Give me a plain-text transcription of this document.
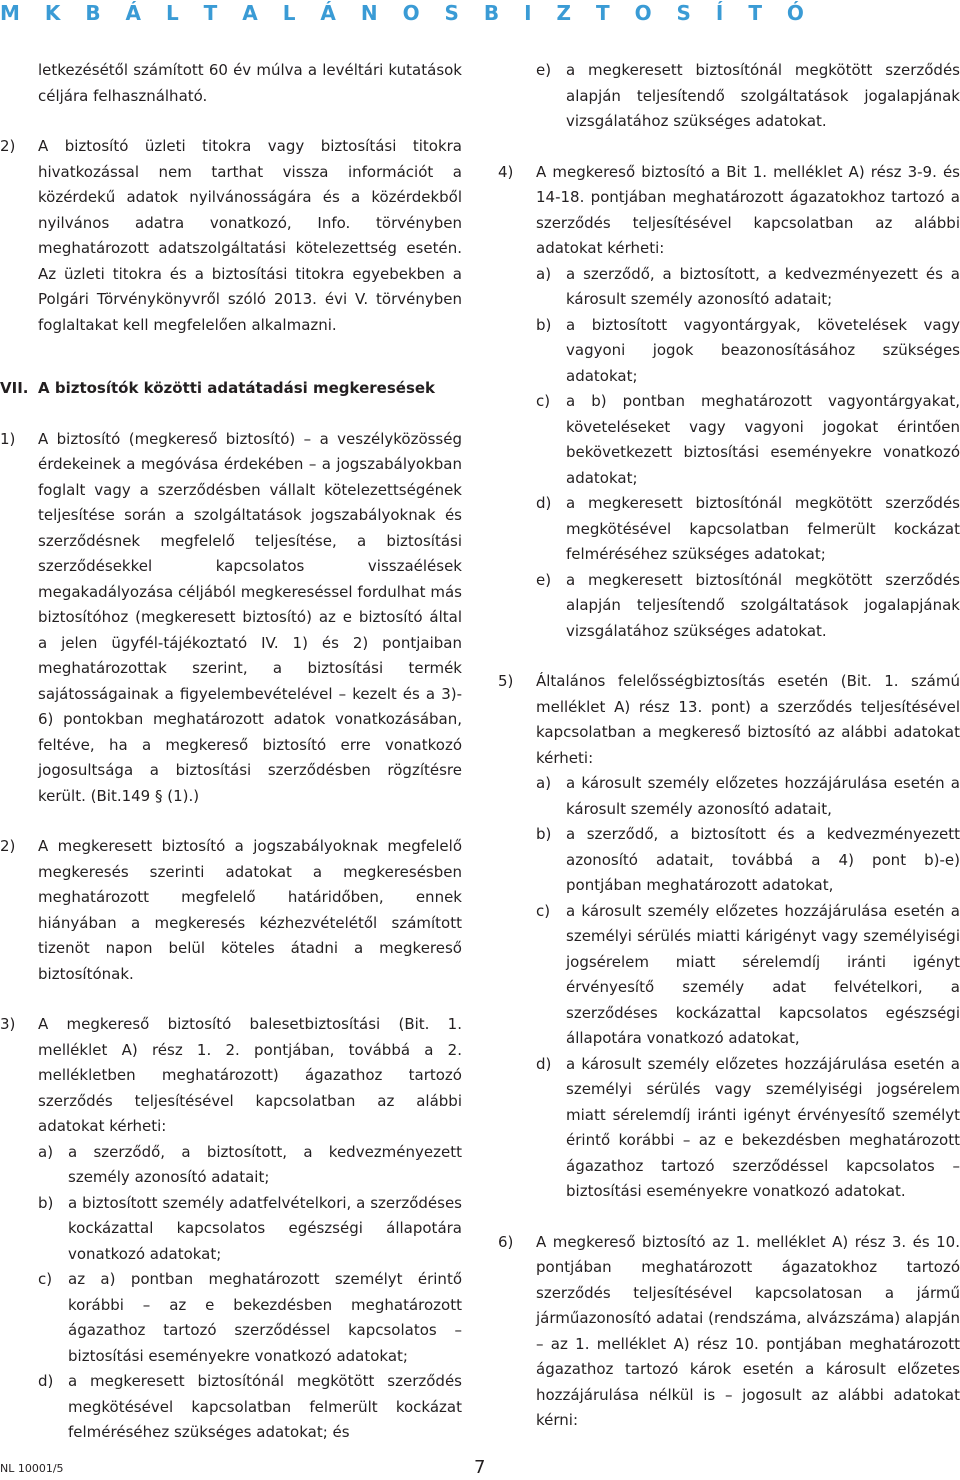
M K B Á L T A L Á N O S B I Z T O S Í T Ó

letkezésétől számított 60 év múlva a levéltári kutatások céljára felhasználható.

2) A biztosító üzleti titokra vagy biztosítási titokra hivatkozással nem tarthat vissza információt a közérdekű adatok nyilvánosságára és a közérdekből nyilvános adatra vonatkozó, Info. törvényben meghatározott adatszolgáltatási kötelezettség esetén. Az üzleti titokra és a biztosítási titokra egyebekben a Polgári Törvénykönyvről szóló 2013. évi V. törvényben foglaltakat kell megfelelően alkalmazni.
VII. A biztosítók közötti adatátadási megkeresések
1) A biztosító (megkereső biztosító) – a veszélyközösség érdekeinek a megóvása érdekében – a jogszabályokban foglalt vagy a szerződésben vállalt kötelezettségének teljesítése során a szolgáltatások jogszabályoknak és szerződésnek megfelelő teljesítése, a biztosítási szerződésekkel kapcsolatos visszaélések megakadályozása céljából megkereséssel fordulhat más biztosítóhoz (megkeresett biztosító) az e biztosító által a jelen ügyfél-tájékoztató IV. 1) és 2) pontjaiban meghatározottak szerint, a biztosítási termék sajátosságainak a figyelembevételével – kezelt és a 3)- 6) pontokban meghatározott adatok vonatkozásában, feltéve, ha a megkereső biztosító erre vonatkozó jogosultsága a biztosítási szerződésben rögzítésre került. (Bit.149 § (1).)
2) A megkeresett biztosító a jogszabályoknak megfelelő megkeresés szerinti adatokat a megkeresésben meghatározott megfelelő határidőben, ennek hiányában a megkeresés kézhezvételétől számított tizenöt napon belül köteles átadni a megkereső biztosítónak.
3) A megkereső biztosító balesetbiztosítási (Bit. 1. melléklet A) rész 1. 2. pontjában, továbbá a 2. mellékletben meghatározott) ágazathoz tartozó szerződés teljesítésével kapcsolatban az alábbi adatokat kérheti:
a) a szerződő, a biztosított, a kedvezményezett személy azonosító adatait;
b) a biztosított személy adatfelvételkori, a szerződéses kockázattal kapcsolatos egészségi állapotára vonatkozó adatokat;
c) az a) pontban meghatározott személyt érintő korábbi – az e bekezdésben meghatározott ágazathoz tartozó szerződéssel kapcsolatos – biztosítási eseményekre vonatkozó adatokat;
d) a megkeresett biztosítónál megkötött szerződés megkötésével kapcsolatban felmerült kockázat felméréséhez szükséges adatokat; és
e) a megkeresett biztosítónál megkötött szerződés alapján teljesítendő szolgáltatások jogalapjának vizsgálatához szükséges adatokat.
4) A megkereső biztosító a Bit 1. melléklet A) rész 3-9. és 14-18. pontjában meghatározott ágazatokhoz tartozó a szerződés teljesítésével kapcsolatban az alábbi adatokat kérheti:
a) a szerződő, a biztosított, a kedvezményezett és a károsult személy azonosító adatait;
b) a biztosított vagyontárgyak, követelések vagy vagyoni jogok beazonosításához szükséges adatokat;
c) a b) pontban meghatározott vagyontárgyakat, követeléseket vagy vagyoni jogokat érintően bekövetkezett biztosítási eseményekre vonatkozó adatokat;
d) a megkeresett biztosítónál megkötött szerződés megkötésével kapcsolatban felmerült kockázat felméréséhez szükséges adatokat;
e) a megkeresett biztosítónál megkötött szerződés alapján teljesítendő szolgáltatások jogalapjának vizsgálatához szükséges adatokat.
5) Általános felelősségbiztosítás esetén (Bit. 1. számú melléklet A) rész 13. pont) a szerződés teljesítésével kapcsolatban a megkereső biztosító az alábbi adatokat kérheti:
a) a károsult személy előzetes hozzájárulása esetén a károsult személy azonosító adatait,
b) a szerződő, a biztosított és a kedvezményezett azonosító adatait, továbbá a 4) pont b)-e) pontjában meghatározott adatokat,
c) a károsult személy előzetes hozzájárulása esetén a személyi sérülés miatti kárigényt vagy személyiségi jogsérelem miatt sérelemdíj iránti igényt érvényesítő személy adat felvételkori, a szerződéses kockázattal kapcsolatos egészségi állapotára vonatkozó adatokat,
d) a károsult személy előzetes hozzájárulása esetén a személyi sérülés vagy személyiségi jogsérelem miatt sérelemdíj iránti igényt érvényesítő személyt érintő korábbi – az e bekezdésben meghatározott ágazathoz tartozó szerződéssel kapcsolatos – biztosítási eseményekre vonatkozó adatokat.
6) A megkereső biztosító az 1. melléklet A) rész 3. és 10. pontjában meghatározott ágazatokhoz tartozó szerződés teljesítésével kapcsolatosan a jármű járműazonosító adatai (rendszáma, alvázszáma) alapján – az 1. melléklet A) rész 10. pontjában meghatározott ágazathoz tartozó károk esetén a károsult előzetes hozzájárulása nélkül is – jogosult az alábbi adatokat kérni:
NL 10001/5	7
